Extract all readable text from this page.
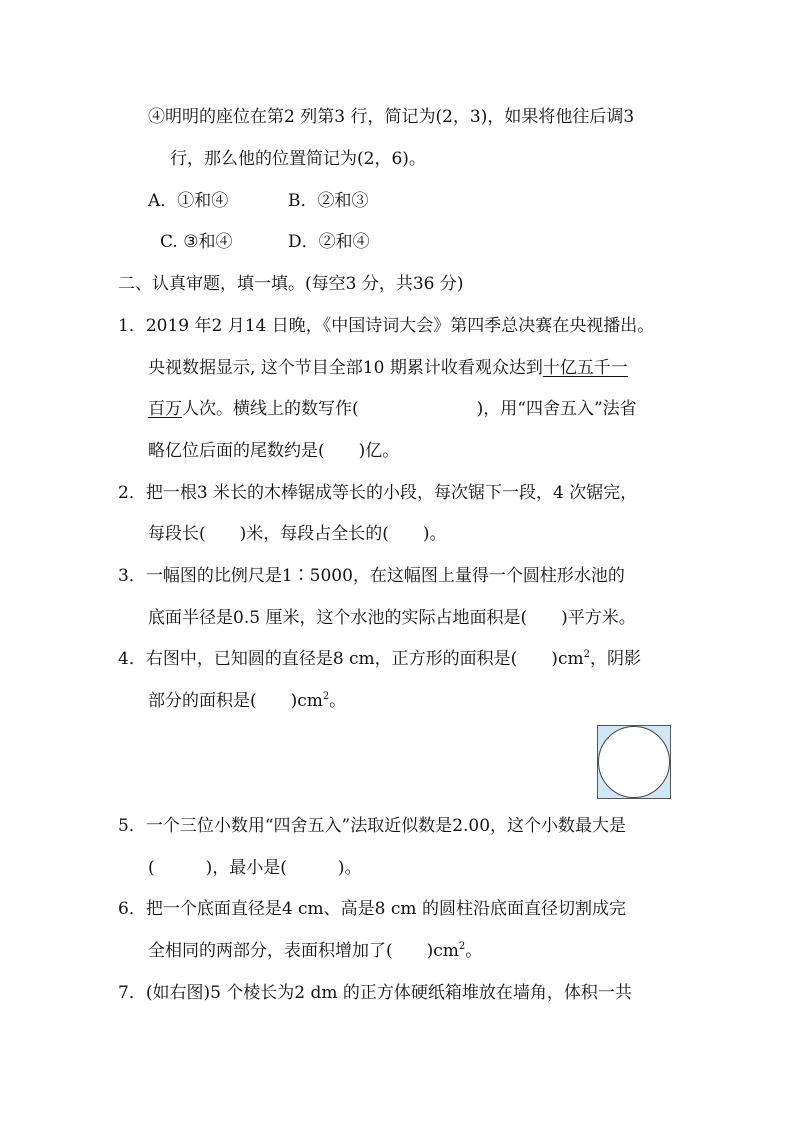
④明明的座位在第2 列第3 行，简记为(2，3)，如果将他往后调3
行，那么他的位置简记为(2，6)。
A．①和④	B．②和③
C. ③和④	D．②和④
二、认真审题，填一填。(每空3 分，共36 分)
1．2019 年2 月14 日晚，《中国诗词大会》第四季总决赛在央视播出。
央视数据显示, 这个节目全部10 期累计收看观众达到十亿五千一
百万人次。横线上的数写作(	)，用“四舍五入”法省
略亿位后面的尾数约是(　　)亿。
2．把一根3 米长的木棒锯成等长的小段，每次锯下一段，4 次锯完，
每段长(　　)米，每段占全长的(　　)。
3．一幅图的比例尺是1∶5000，在这幅图上量得一个圆柱形水池的
底面半径是0.5 厘米，这个水池的实际占地面积是(　　)平方米。
4．右图中，已知圆的直径是8 cm，正方形的面积是(　　)$cm^2$，阴影
部分的面积是(　　)$cm^2$。
5．一个三位小数用“四舍五入”法取近似数是2.00，这个小数最大是
(　　　)，最小是(　　　)。
6．把一个底面直径是4 cm、高是8 cm 的圆柱沿底面直径切割成完
全相同的两部分，表面积增加了(　　)$cm^2$。
7．(如右图)5 个棱长为2 dm 的正方体硬纸箱堆放在墙角，体积一共
